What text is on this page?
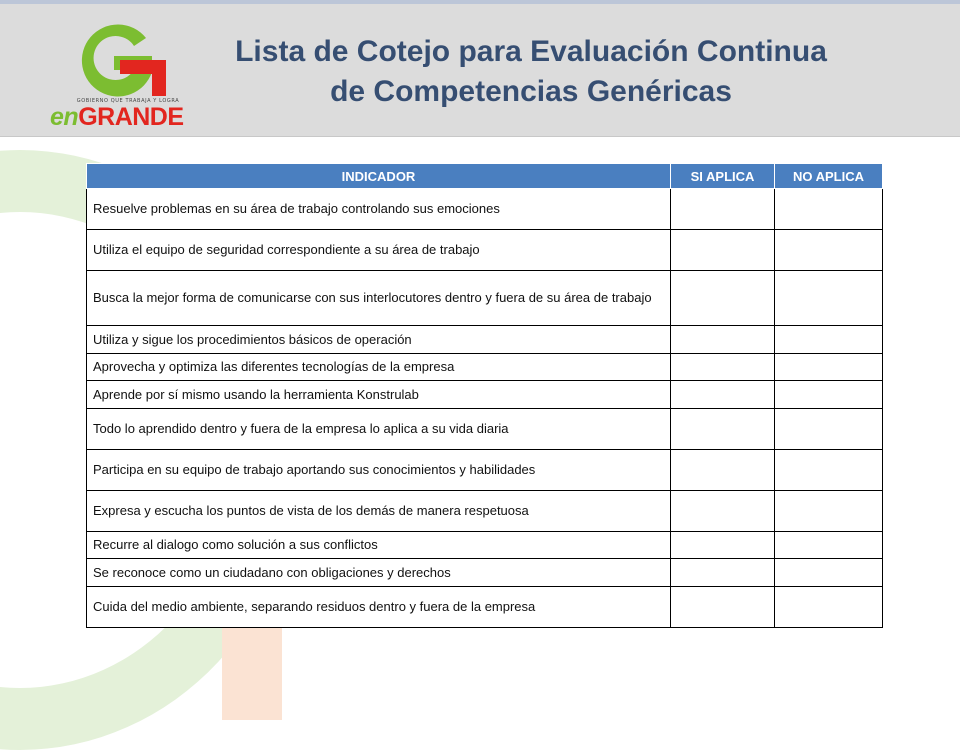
GOBIERNO QUE TRABAJA Y LOGRA
enGRANDE
Lista de Cotejo para Evaluación Continua
de Competencias Genéricas
INDICADOR	SI APLICA	NO APLICA
Resuelve problemas en su área de trabajo controlando sus emociones		
Utiliza el equipo de seguridad correspondiente a su área de trabajo		
Busca la mejor forma de comunicarse con sus interlocutores dentro y fuera de su área de trabajo		
Utiliza y sigue los procedimientos básicos de operación		
Aprovecha y optimiza las diferentes tecnologías de la empresa		
Aprende por sí mismo usando la herramienta Konstrulab		
Todo lo aprendido dentro y fuera de la empresa lo aplica a su vida diaria		
Participa en su equipo de trabajo aportando sus conocimientos y habilidades		
Expresa y escucha los puntos de vista de los demás de manera respetuosa		
Recurre al dialogo como solución a sus conflictos		
Se reconoce como un ciudadano con obligaciones y derechos		
Cuida del medio ambiente, separando residuos dentro y fuera de la empresa		
